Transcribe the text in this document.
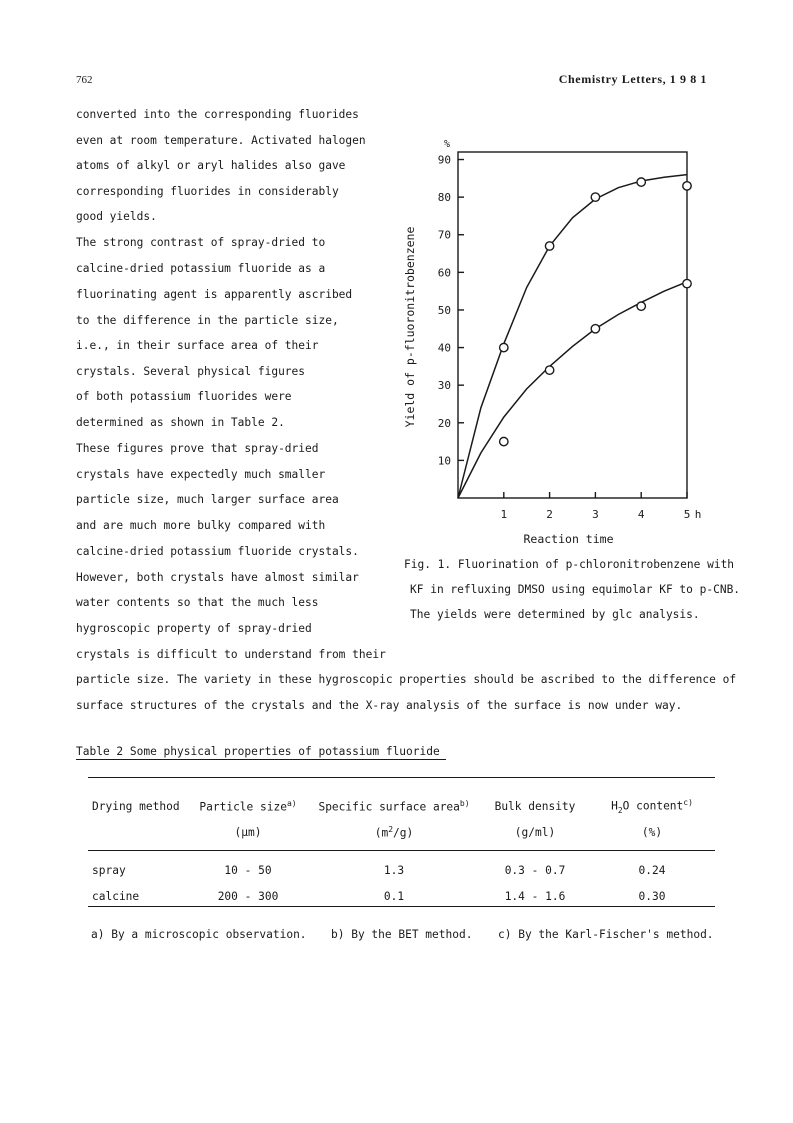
762	Chemistry Letters, 1 9 8 1
converted into the corresponding fluorides
even at room temperature. Activated halogen
atoms of alkyl or aryl halides also gave
corresponding fluorides in considerably
good yields.
The strong contrast of spray-dried to
calcine-dried potassium fluoride as a
fluorinating agent is apparently ascribed
to the difference in the particle size,
i.e., in their surface area of their
crystals. Several physical figures
of both potassium fluorides were
determined as shown in Table 2.
These figures prove that spray-dried
crystals have expectedly much smaller
particle size, much larger surface area
and are much more bulky compared with
calcine-dried potassium fluoride crystals.
However, both crystals have almost similar
water contents so that the much less
hygroscopic property of spray-dried
crystals is difficult to understand from their
particle size. The variety in these hygroscopic properties should be ascribed to the difference of
surface structures of the crystals and the X-ray analysis of the surface is now under way.
10
20
30
40
50
60
70
80
90
1	2	3	4	5
%
h
Reaction time
Yield of p-fluoronitrobenzene
Fig. 1. Fluorination of p-chloronitrobenzene with
KF in refluxing DMSO using equimolar KF to p-CNB.
The yields were determined by glc analysis.
Table 2 Some physical properties of potassium fluoride
Drying method	Particle size$^{a)}$	Specific surface area$^{b)}$	Bulk density	$H_2O$ content$^{c)}$
	(μm)	$(m^2/g)$	(g/ml)	(%)

spray	10 - 50	1.3	0.3 - 0.7	0.24
calcine	200 - 300	0.1	1.4 - 1.6	0.30
a) By a microscopic observation. b) By the BET method. c) By the Karl-Fischer's method.
